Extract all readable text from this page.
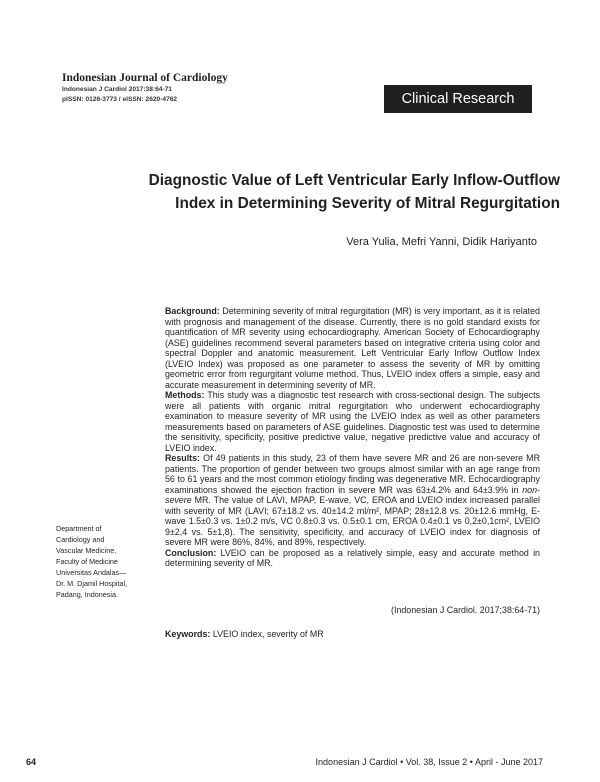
Indonesian Journal of Cardiology
Indonesian J Cardiol 2017:38:64-71
pISSN: 0126-3773 / eISSN: 2620-4762	Clinical Research
Diagnostic Value of Left Ventricular Early Inflow-Outflow
Index in Determining Severity of Mitral Regurgitation
Vera Yulia, Mefri Yanni, Didik Hariyanto

Background: Determining severity of mitral regurgitation (MR) is very important, as it is related with prognosis and management of the disease. Currently, there is no gold standard exists for quantification of MR severity using echocardiography. American Society of Echocardiography (ASE) guidelines recommend several parameters based on integrative criteria using color and spectral Doppler and anatomic measurement. Left Ventricular Early Inflow Outflow Index (LVEIO Index) was proposed as one parameter to assess the severity of MR by omitting geometric error from regurgitant volume method. Thus, LVEIO index offers a simple, easy and accurate measurement in determining severity of MR.

Methods: This study was a diagnostic test research with cross-sectional design. The subjects were all patients with organic mitral regurgitation who underwent echocardiography examination to measure severity of MR using the LVEIO index as well as other parameters measurements based on parameters of ASE guidelines. Diagnostic test was used to determine the sensitivity, specificity, positive predictive value, negative predictive value and accuracy of LVEIO index.

Results: Of 49 patients in this study, 23 of them have severe MR and 26 are non-severe MR patients. The proportion of gender between two groups almost similar with an age range from 56 to 61 years and the most common etiology finding was degenerative MR. Echocardiography examinations showed the ejection fraction in severe MR was 63±4.2% and 64±3.9% in non-severe MR. The value of LAVI, MPAP, E-wave, VC, EROA and LVEIO index increased parallel with severity of MR (LAVI; 67±18.2 vs. 40±14.2 ml/m², MPAP; 28±12.8 vs. 20±12.6 mmHg, E-wave 1.5±0.3 vs. 1±0.2 m/s, VC 0.8±0.3 vs. 0.5±0.1 cm, EROA 0.4±0.1 vs 0,2±0,1cm², LVEIO 9±2,4 vs. 5±1,8). The sensitivity, specificity, and accuracy of LVEIO index for diagnosis of severe MR were 86%, 84%, and 89%, respectively.

Conclusion: LVEIO can be proposed as a relatively simple, easy and accurate method in determining severity of MR.

(Indonesian J Cardiol. 2017;38:64-71)
Keywords: LVEIO index, severity of MR
Department of
Cardiology and
Vascular Medicine,
Faculty of Medicine
Universitas Andalas—
Dr. M. Djamil Hospital,
Padang, Indonesia.
64	Indonesian J Cardiol • Vol. 38, Issue 2 • April - June 2017
